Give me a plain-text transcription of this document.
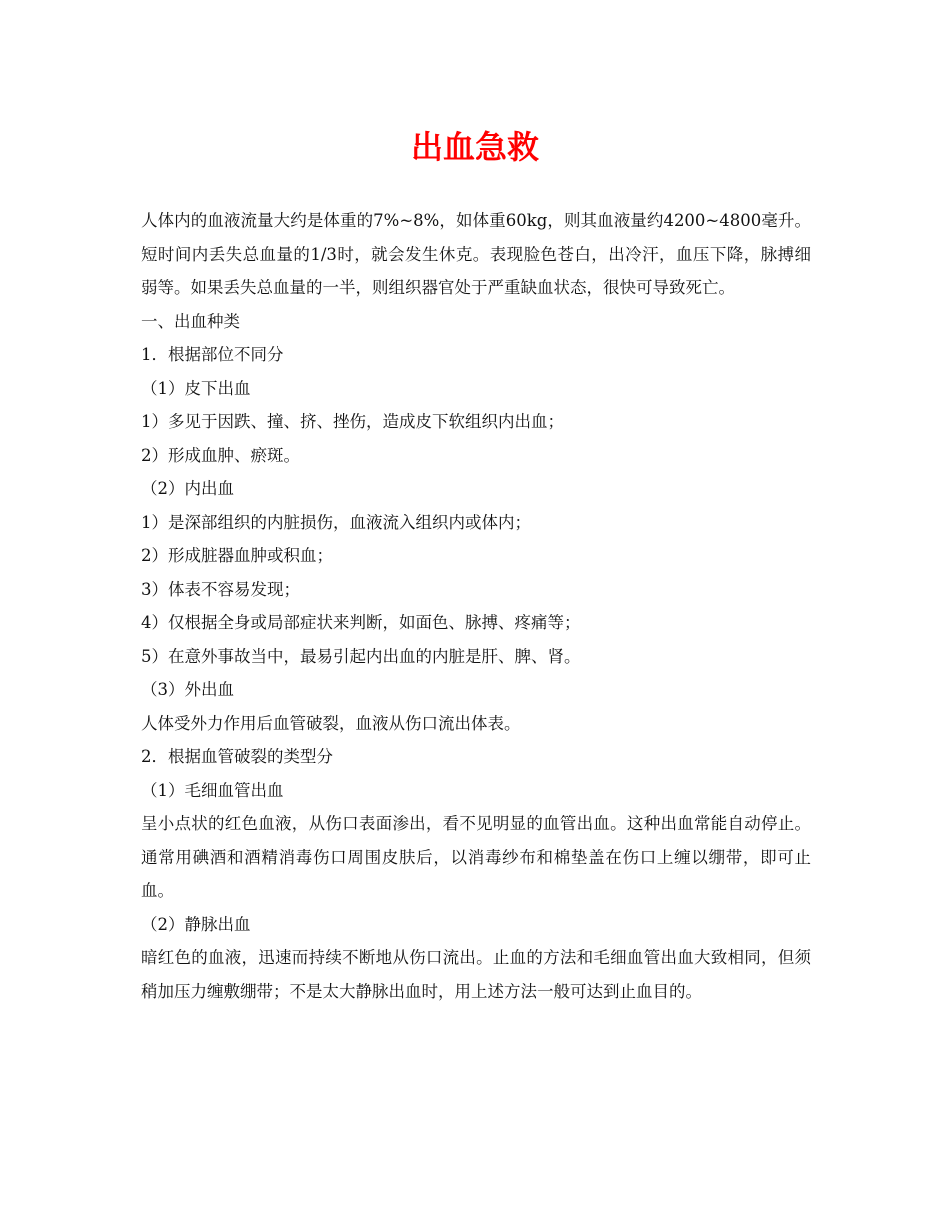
出血急救

人体内的血液流量大约是体重的7%~8%，如体重60kg，则其血液量约4200~4800毫升。短时间内丢失总血量的1/3时，就会发生休克。表现脸色苍白，出冷汗，血压下降，脉搏细弱等。如果丢失总血量的一半，则组织器官处于严重缺血状态，很快可导致死亡。

一、出血种类

1．根据部位不同分

（1）皮下出血

1）多见于因跌、撞、挤、挫伤，造成皮下软组织内出血；

2）形成血肿、瘀斑。

（2）内出血

1）是深部组织的内脏损伤，血液流入组织内或体内；

2）形成脏器血肿或积血；

3）体表不容易发现；

4）仅根据全身或局部症状来判断，如面色、脉搏、疼痛等；

5）在意外事故当中，最易引起内出血的内脏是肝、脾、肾。

（3）外出血

人体受外力作用后血管破裂，血液从伤口流出体表。

2．根据血管破裂的类型分

（1）毛细血管出血

呈小点状的红色血液，从伤口表面渗出，看不见明显的血管出血。这种出血常能自动停止。通常用碘酒和酒精消毒伤口周围皮肤后，以消毒纱布和棉垫盖在伤口上缠以绷带，即可止血。

（2）静脉出血

暗红色的血液，迅速而持续不断地从伤口流出。止血的方法和毛细血管出血大致相同，但须稍加压力缠敷绷带；不是太大静脉出血时，用上述方法一般可达到止血目的。
